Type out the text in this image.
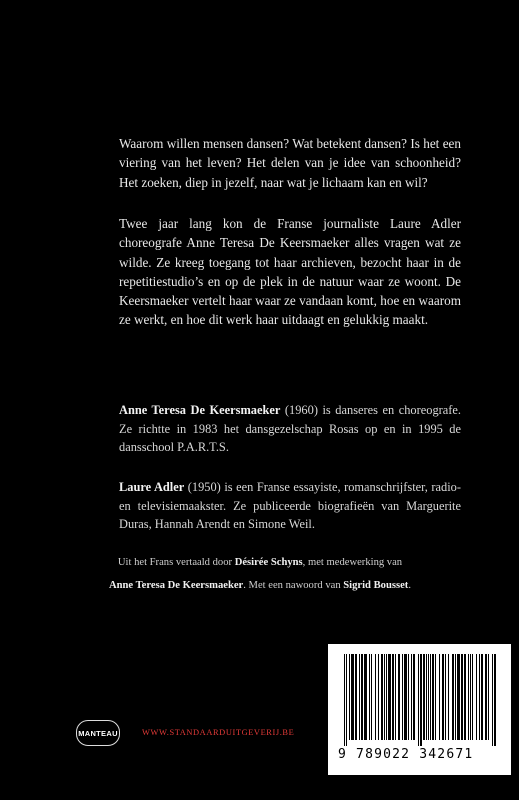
Waarom willen mensen dansen? Wat betekent dansen? Is het een viering van het leven? Het delen van je idee van schoonheid? Het zoeken, diep in jezelf, naar wat je lichaam kan en wil?

Twee jaar lang kon de Franse journaliste Laure Adler choreografe Anne Teresa De Keersmaeker alles vragen wat ze wilde. Ze kreeg toegang tot haar archieven, bezocht haar in de repetitiestudio’s en op de plek in de natuur waar ze woont. De Keersmaeker vertelt haar waar ze vandaan komt, hoe en waarom ze werkt, en hoe dit werk haar uitdaagt en gelukkig maakt.

Anne Teresa De Keersmaeker (1960) is danseres en choreografe. Ze richtte in 1983 het dansgezelschap Rosas op en in 1995 de dansschool P.A.R.T.S.

Laure Adler (1950) is een Franse essayiste, romanschrijfster, radio- en televisiemaakster. Ze publiceerde biografieën van Marguerite Duras, Hannah Arendt en Simone Weil.

Uit het Frans vertaald door Désirée Schyns, met medewerking van
Anne Teresa De Keersmaeker. Met een nawoord van Sigrid Bousset.
MANTEAU	WWW.STANDAARDUITGEVERIJ.BE
9 789022 342671
